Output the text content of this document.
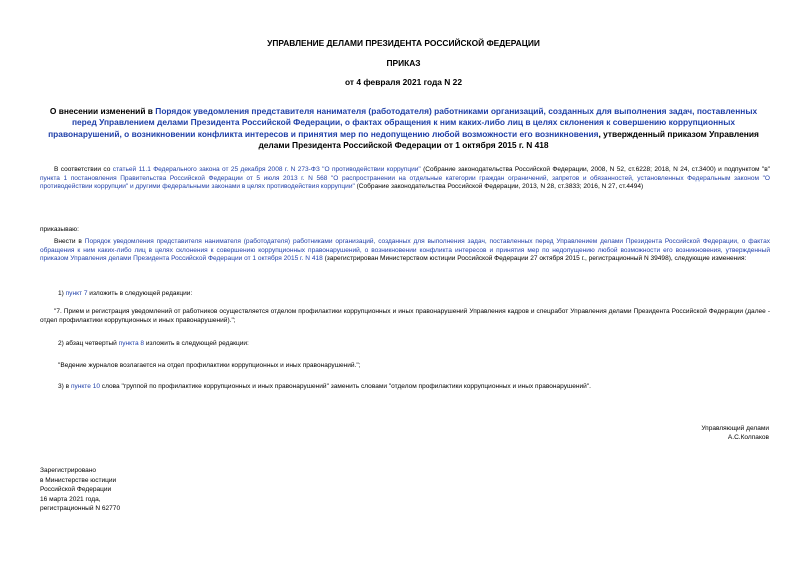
УПРАВЛЕНИЕ ДЕЛАМИ ПРЕЗИДЕНТА РОССИЙСКОЙ ФЕДЕРАЦИИ
ПРИКАЗ
от 4 февраля 2021 года N 22
О внесении изменений в Порядок уведомления представителя нанимателя (работодателя) работниками организаций, созданных для выполнения задач, поставленных перед Управлением делами Президента Российской Федерации, о фактах обращения к ним каких-либо лиц в целях склонения к совершению коррупционных правонарушений, о возникновении конфликта интересов и принятия мер по недопущению любой возможности его возникновения, утвержденный приказом Управления делами Президента Российской Федерации от 1 октября 2015 г. N 418
В соответствии со статьей 11.1 Федерального закона от 25 декабря 2008 г. N 273-ФЗ "О противодействии коррупции" (Собрание законодательства Российской Федерации, 2008, N 52, ст.6228; 2018, N 24, ст.3400) и подпунктом "в" пункта 1 постановления Правительства Российской Федерации от 5 июля 2013 г. N 568 "О распространении на отдельные категории граждан ограничений, запретов и обязанностей, установленных Федеральным законом "О противодействии коррупции" и другими федеральными законами в целях противодействия коррупции" (Собрание законодательства Российской Федерации, 2013, N 28, ст.3833; 2016, N 27, ст.4494)
приказываю:
Внести в Порядок уведомления представителя нанимателя (работодателя) работниками организаций, созданных для выполнения задач, поставленных перед Управлением делами Президента Российской Федерации, о фактах обращения к ним каких-либо лиц в целях склонения к совершению коррупционных правонарушений, о возникновении конфликта интересов и принятия мер по недопущению любой возможности его возникновения, утвержденный приказом Управления делами Президента Российской Федерации от 1 октября 2015 г. N 418 (зарегистрирован Министерством юстиции Российской Федерации 27 октября 2015 г., регистрационный N 39498), следующие изменения:
1) пункт 7 изложить в следующей редакции:
"7. Прием и регистрация уведомлений от работников осуществляется отделом профилактики коррупционных и иных правонарушений Управления кадров и спецработ Управления делами Президента Российской Федерации (далее - отдел профилактики коррупционных и иных правонарушений).";
2) абзац четвертый пункта 8 изложить в следующей редакции:
"Ведение журналов возлагается на отдел профилактики коррупционных и иных правонарушений.";
3) в пункте 10 слова "группой по профилактике коррупционных и иных правонарушений" заменить словами "отделом профилактики коррупционных и иных правонарушений".
Управляющий делами
А.С.Колпаков
Зарегистрировано
в Министерстве юстиции
Российской Федерации
16 марта 2021 года,
регистрационный N 62770
